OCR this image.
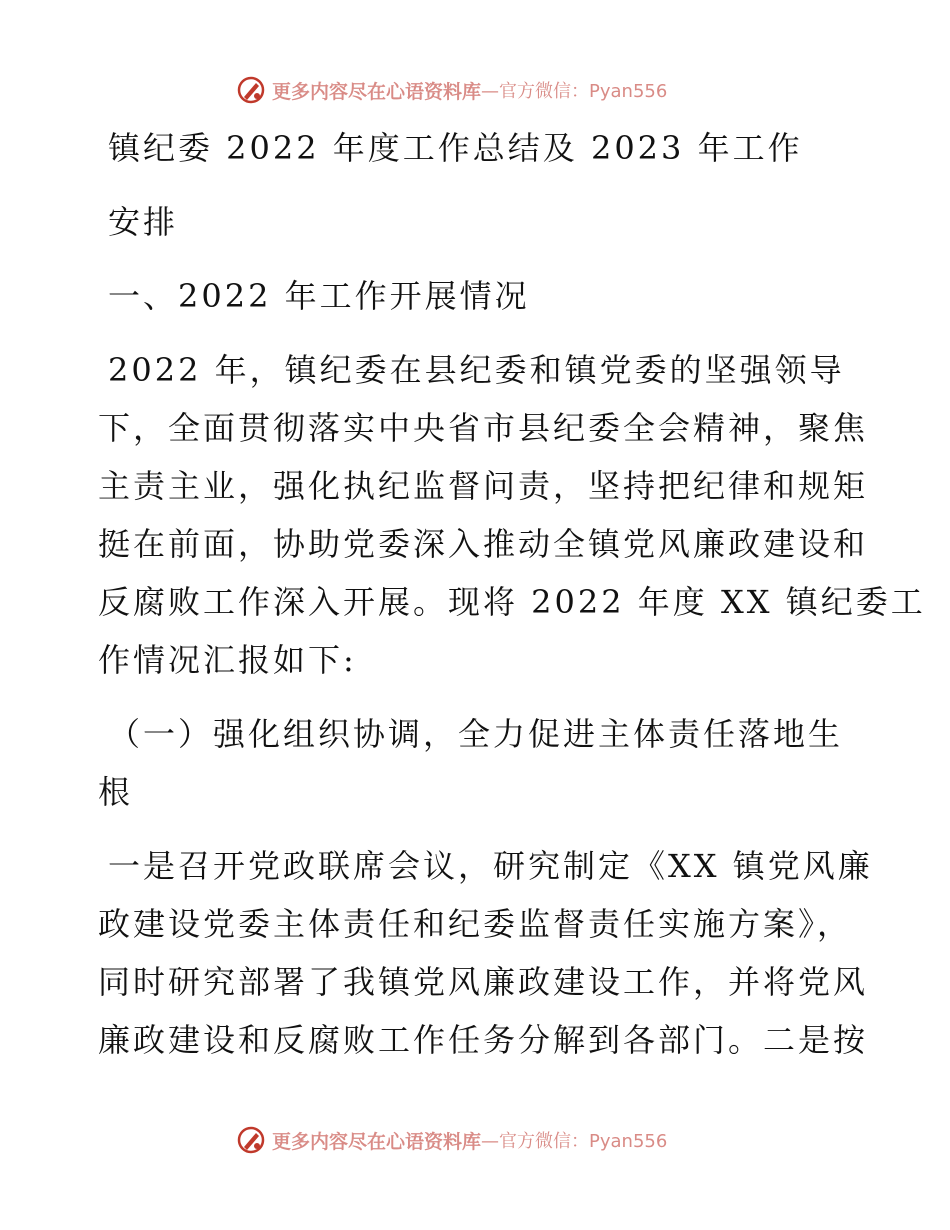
更多内容尽在心语资料库 —官方微信：Pyan556
镇纪委 2022 年度工作总结及 2023 年工作
安排
一、2022 年工作开展情况
2022 年，镇纪委在县纪委和镇党委的坚强领导
下，全面贯彻落实中央省市县纪委全会精神，聚焦
主责主业，强化执纪监督问责，坚持把纪律和规矩
挺在前面，协助党委深入推动全镇党风廉政建设和
反腐败工作深入开展。现将 2022 年度 XX 镇纪委工
作情况汇报如下:
（一）强化组织协调，全力促进主体责任落地生
根
一是召开党政联席会议，研究制定《XX 镇党风廉
政建设党委主体责任和纪委监督责任实施方案》，
同时研究部署了我镇党风廉政建设工作，并将党风
廉政建设和反腐败工作任务分解到各部门。二是按
更多内容尽在心语资料库 —官方微信：Pyan556
